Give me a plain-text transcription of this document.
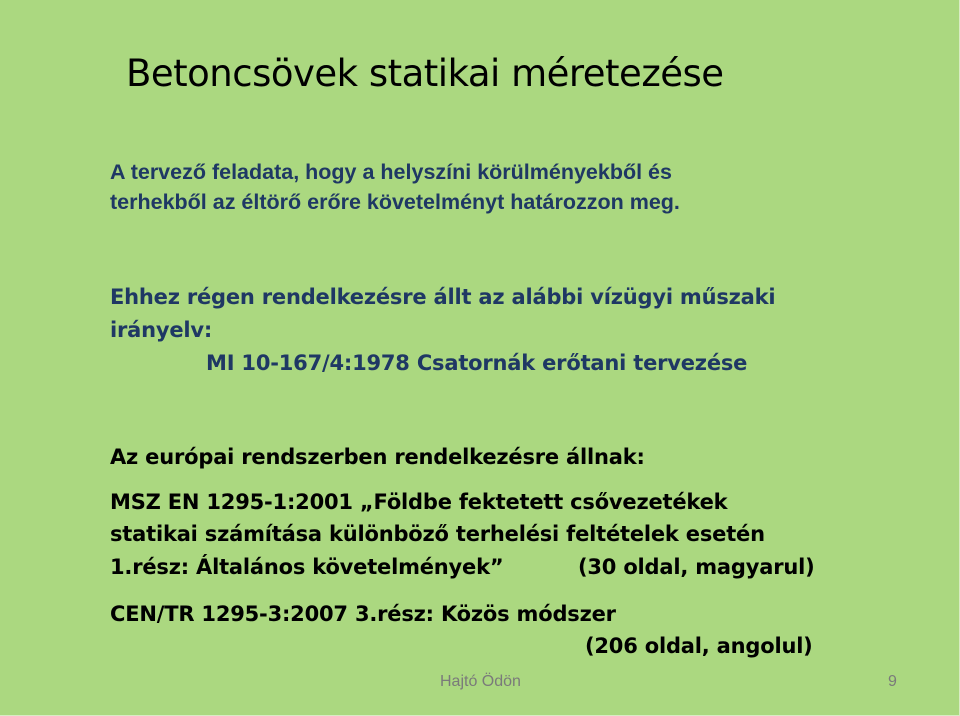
Betoncsövek statikai méretezése
A tervező feladata, hogy a helyszíni körülményekből és
terhekből az éltörő erőre követelményt határozzon meg.
Ehhez régen rendelkezésre állt az alábbi vízügyi műszaki
irányelv:
MI 10-167/4:1978 Csatornák erőtani tervezése
Az európai rendszerben rendelkezésre állnak:
MSZ EN 1295-1:2001 „Földbe fektetett csővezetékek
statikai számítása különböző terhelési feltételek esetén
1.rész: Általános követelmények”	(30 oldal, magyarul)
CEN/TR 1295-3:2007 3.rész: Közös módszer
(206 oldal, angolul)
Hajtó Ödön	9
